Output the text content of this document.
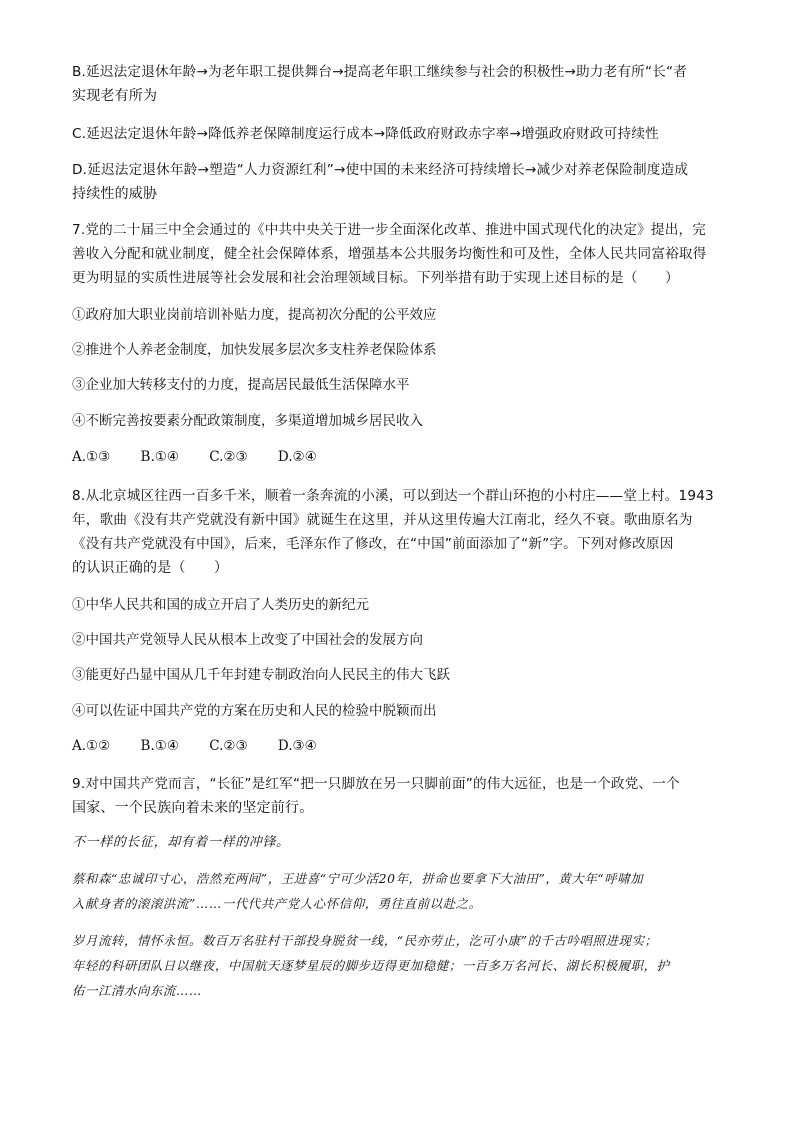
B.延迟法定退休年龄→为老年职工提供舞台→提高老年职工继续参与社会的积极性→助力老有所“长“者
实现老有所为
C.延迟法定退休年龄→降低养老保障制度运行成本→降低政府财政赤字率→增强政府财政可持续性
D.延迟法定退休年龄→塑造“人力资源红利”→使中国的未来经济可持续增长→减少对养老保险制度造成
持续性的威胁
7.党的二十届三中全会通过的《中共中央关于进一步全面深化改革、推进中国式现代化的决定》提出，完
善收入分配和就业制度，健全社会保障体系，增强基本公共服务均衡性和可及性，全体人民共同富裕取得
更为明显的实质性进展等社会发展和社会治理领域目标。下列举措有助于实现上述目标的是（　　）
①政府加大职业岗前培训补贴力度，提高初次分配的公平效应
②推进个人养老金制度，加快发展多层次多支柱养老保险体系
③企业加大转移支付的力度，提高居民最低生活保障水平
④不断完善按要素分配政策制度，多渠道增加城乡居民收入
A.①③ B.①④ C.②③ D.②④
8.从北京城区往西一百多千米，顺着一条奔流的小溪，可以到达一个群山环抱的小村庄——堂上村。1943
年，歌曲《没有共产党就没有新中国》就诞生在这里，并从这里传遍大江南北，经久不衰。歌曲原名为
《没有共产党就没有中国》，后来，毛泽东作了修改，在“中国”前面添加了“新”字。下列对修改原因
的认识正确的是（　　）
①中华人民共和国的成立开启了人类历史的新纪元
②中国共产党领导人民从根本上改变了中国社会的发展方向
③能更好凸显中国从几千年封建专制政治向人民民主的伟大飞跃
④可以佐证中国共产党的方案在历史和人民的检验中脱颖而出
A.①② B.①④ C.②③ D.③④
9.对中国共产党而言，“长征”是红军“把一只脚放在另一只脚前面”的伟大远征，也是一个政党、一个
国家、一个民族向着未来的坚定前行。
不一样的长征，却有着一样的冲锋。
蔡和森“忠诚印寸心，浩然充两间”，王进喜“宁可少活20年，拼命也要拿下大油田”，黄大年“呼啸加
入献身者的滚滚洪流”……一代代共产党人心怀信仰，勇往直前以赴之。
岁月流转，情怀永恒。数百万名驻村干部投身脱贫一线，“民亦劳止，汔可小康”的千古吟唱照进现实；
年轻的科研团队日以继夜，中国航天逐梦星辰的脚步迈得更加稳健；一百多万名河长、湖长积极履职，护
佑一江清水向东流……
